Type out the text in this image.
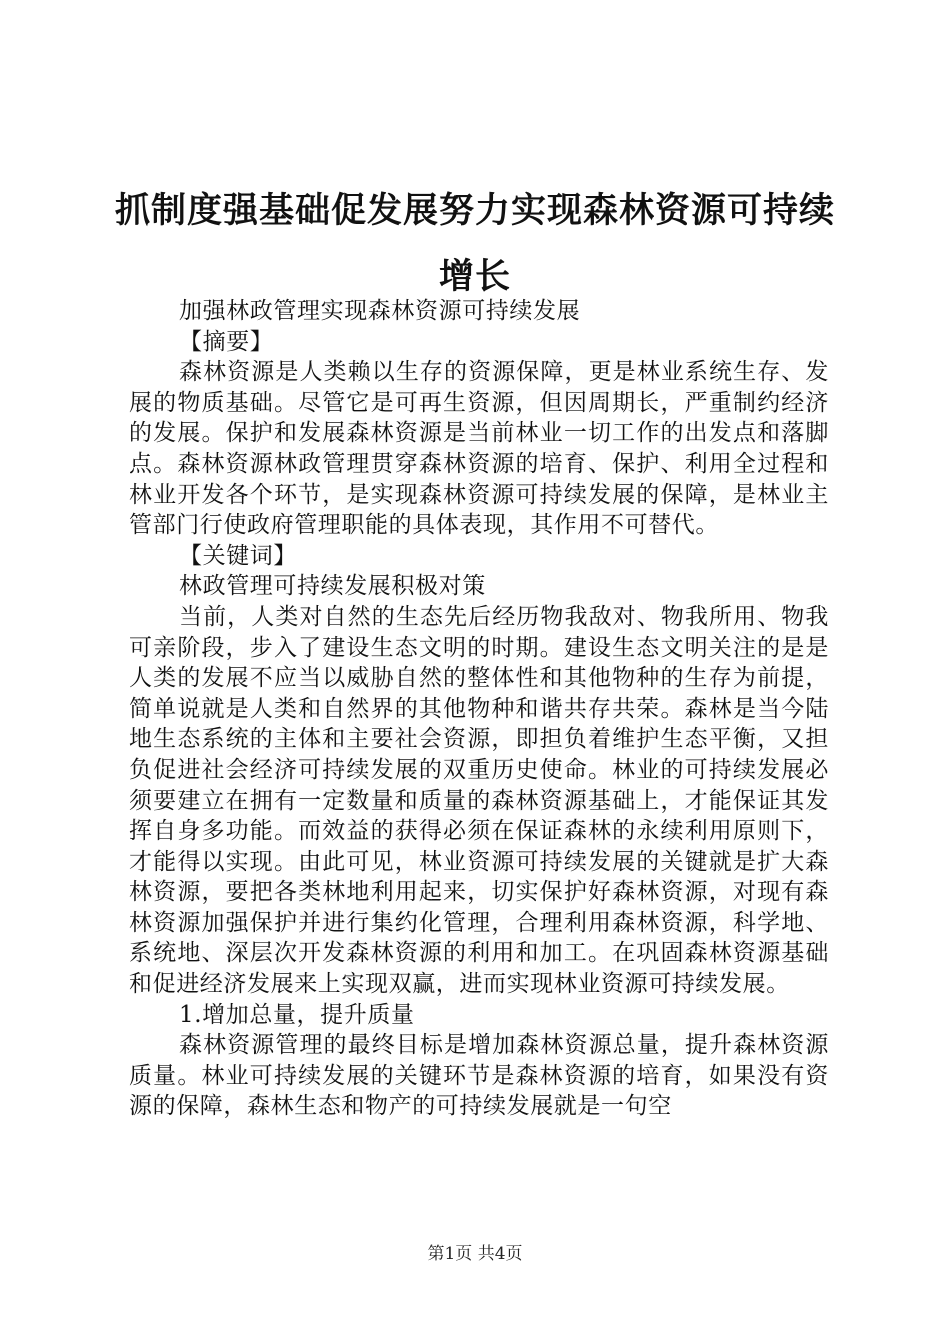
抓制度强基础促发展努力实现森林资源可持续增长

加强林政管理实现森林资源可持续发展

【摘要】

森林资源是人类赖以生存的资源保障，更是林业系统生存、发展的物质基础。尽管它是可再生资源，但因周期长，严重制约经济的发展。保护和发展森林资源是当前林业一切工作的出发点和落脚点。森林资源林政管理贯穿森林资源的培育、保护、利用全过程和林业开发各个环节，是实现森林资源可持续发展的保障，是林业主管部门行使政府管理职能的具体表现，其作用不可替代。

【关键词】

林政管理可持续发展积极对策

当前，人类对自然的生态先后经历物我敌对、物我所用、物我可亲阶段，步入了建设生态文明的时期。建设生态文明关注的是是人类的发展不应当以威胁自然的整体性和其他物种的生存为前提，简单说就是人类和自然界的其他物种和谐共存共荣。森林是当今陆地生态系统的主体和主要社会资源，即担负着维护生态平衡，又担负促进社会经济可持续发展的双重历史使命。林业的可持续发展必须要建立在拥有一定数量和质量的森林资源基础上，才能保证其发挥自身多功能。而效益的获得必须在保证森林的永续利用原则下，才能得以实现。由此可见，林业资源可持续发展的关键就是扩大森林资源，要把各类林地利用起来，切实保护好森林资源，对现有森林资源加强保护并进行集约化管理，合理利用森林资源，科学地、系统地、深层次开发森林资源的利用和加工。在巩固森林资源基础和促进经济发展来上实现双赢，进而实现林业资源可持续发展。

1.增加总量，提升质量

森林资源管理的最终目标是增加森林资源总量，提升森林资源质量。林业可持续发展的关键环节是森林资源的培育，如果没有资源的保障，森林生态和物产的可持续发展就是一句空

第1页 共4页
